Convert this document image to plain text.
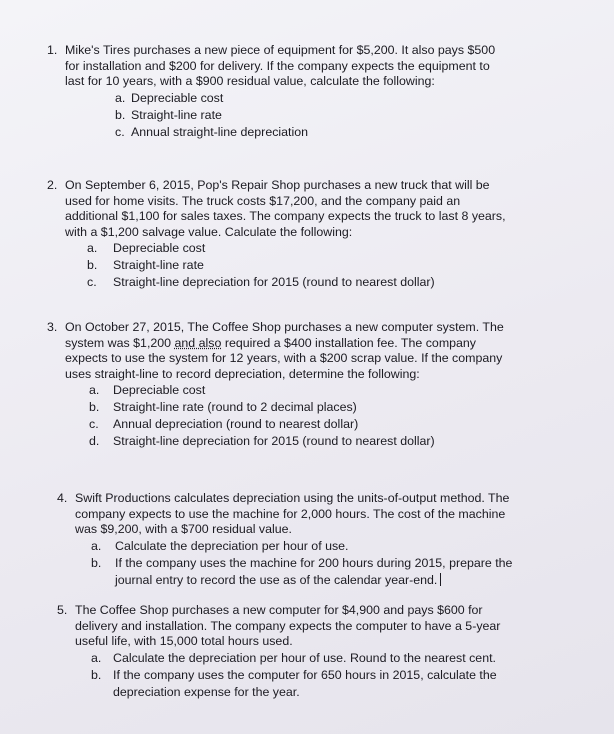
1. Mike's Tires purchases a new piece of equipment for $5,200. It also pays $500
for installation and $200 for delivery. If the company expects the equipment to
last for 10 years, with a $900 residual value, calculate the following:
a. Depreciable cost
b. Straight-line rate
c. Annual straight-line depreciation
2. On September 6, 2015, Pop's Repair Shop purchases a new truck that will be
used for home visits. The truck costs $17,200, and the company paid an
additional $1,100 for sales taxes. The company expects the truck to last 8 years,
with a $1,200 salvage value. Calculate the following:
a.	Depreciable cost
b.	Straight-line rate
c.	Straight-line depreciation for 2015 (round to nearest dollar)
3. On October 27, 2015, The Coffee Shop purchases a new computer system. The
system was $1,200 and also required a $400 installation fee. The company
expects to use the system for 12 years, with a $200 scrap value. If the company
uses straight-line to record depreciation, determine the following:
a.	Depreciable cost
b.	Straight-line rate (round to 2 decimal places)
c.	Annual depreciation (round to nearest dollar)
d.	Straight-line depreciation for 2015 (round to nearest dollar)
4. Swift Productions calculates depreciation using the units-of-output method. The
company expects to use the machine for 2,000 hours. The cost of the machine
was $9,200, with a $700 residual value.
a.	Calculate the depreciation per hour of use.
b.	If the company uses the machine for 200 hours during 2015, prepare the
journal entry to record the use as of the calendar year-end.
5. The Coffee Shop purchases a new computer for $4,900 and pays $600 for
delivery and installation. The company expects the computer to have a 5-year
useful life, with 15,000 total hours used.
a. Calculate the depreciation per hour of use. Round to the nearest cent.
b. If the company uses the computer for 650 hours in 2015, calculate the
depreciation expense for the year.
